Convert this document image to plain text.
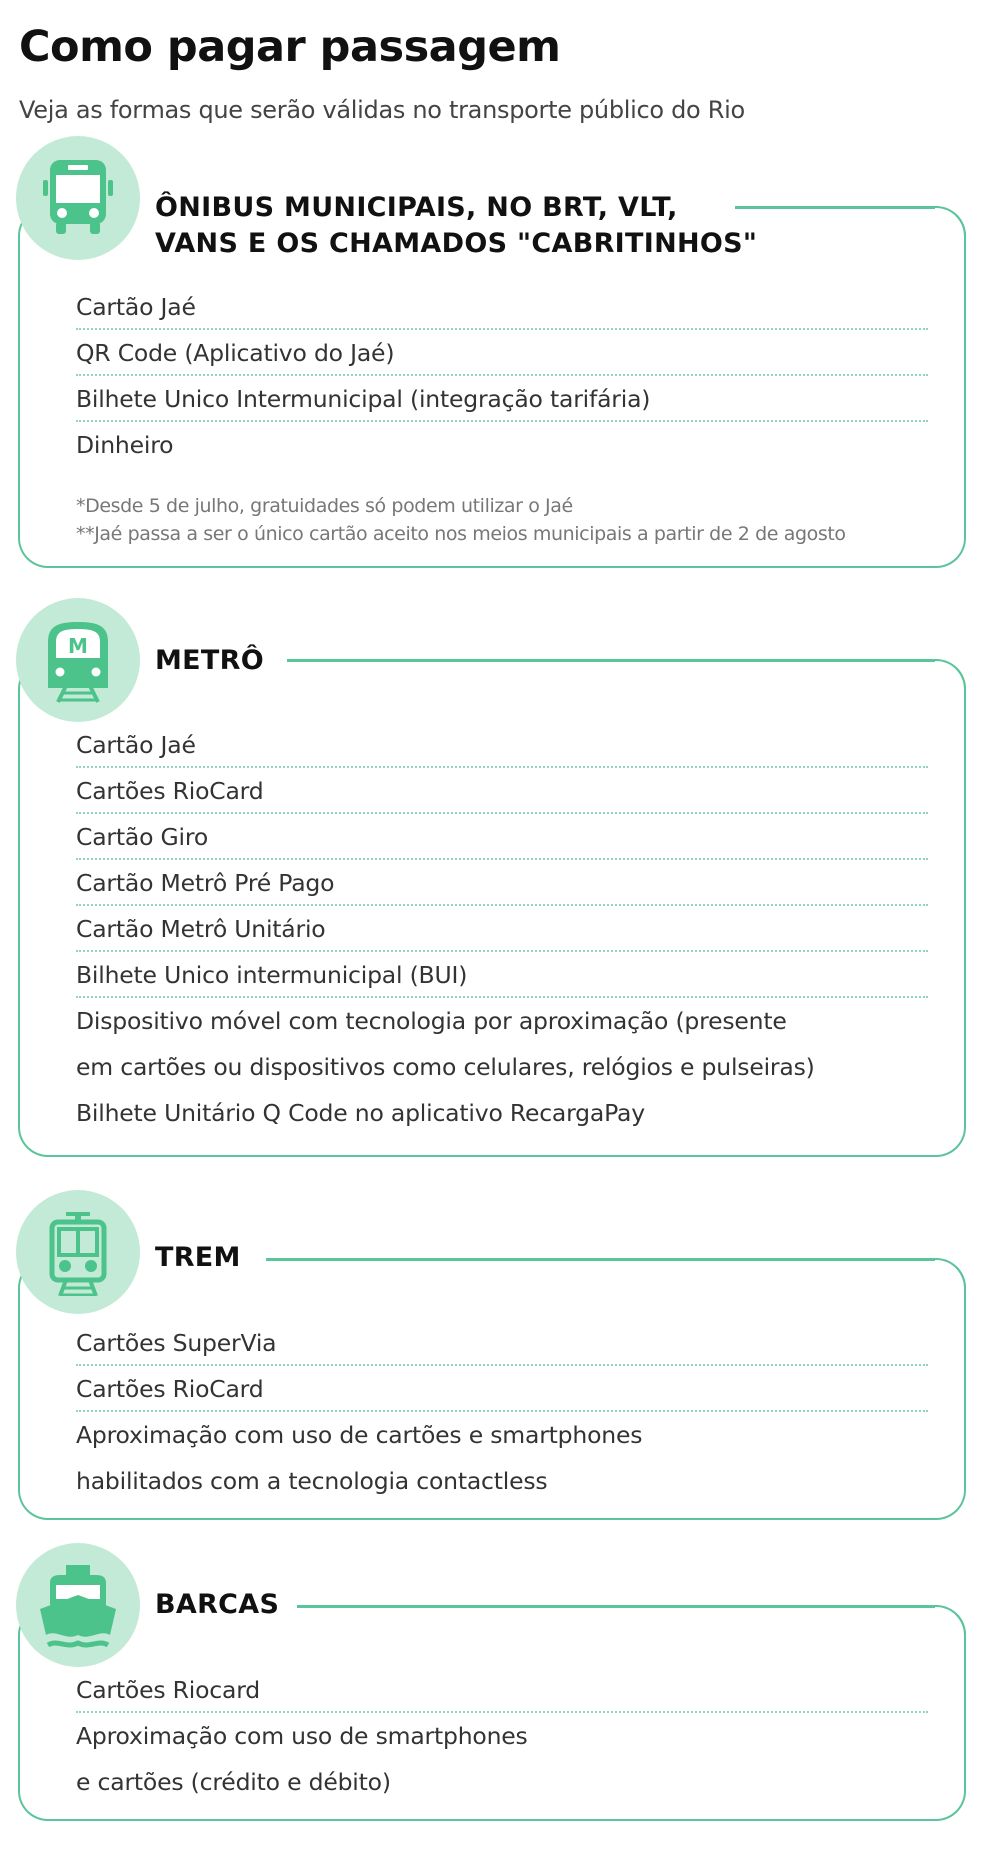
Como pagar passagem

Veja as formas que serão válidas no transporte público do Rio

ÔNIBUS MUNICIPAIS, NO BRT, VLT,
VANS E OS CHAMADOS "CABRITINHOS"
Cartão Jaé
QR Code (Aplicativo do Jaé)
Bilhete Unico Intermunicipal (integração tarifária)
Dinheiro
*Desde 5 de julho, gratuidades só podem utilizar o Jaé
**Jaé passa a ser o único cartão aceito nos meios municipais a partir de 2 de agosto
M METRÔ
Cartão Jaé
Cartões RioCard
Cartão Giro
Cartão Metrô Pré Pago
Cartão Metrô Unitário
Bilhete Unico intermunicipal (BUI)
Dispositivo móvel com tecnologia por aproximação (presente
em cartões ou dispositivos como celulares, relógios e pulseiras)
Bilhete Unitário Q Code no aplicativo RecargaPay
TREM
Cartões SuperVia
Cartões RioCard
Aproximação com uso de cartões e smartphones
habilitados com a tecnologia contactless
BARCAS
Cartões Riocard
Aproximação com uso de smartphones
e cartões (crédito e débito)
